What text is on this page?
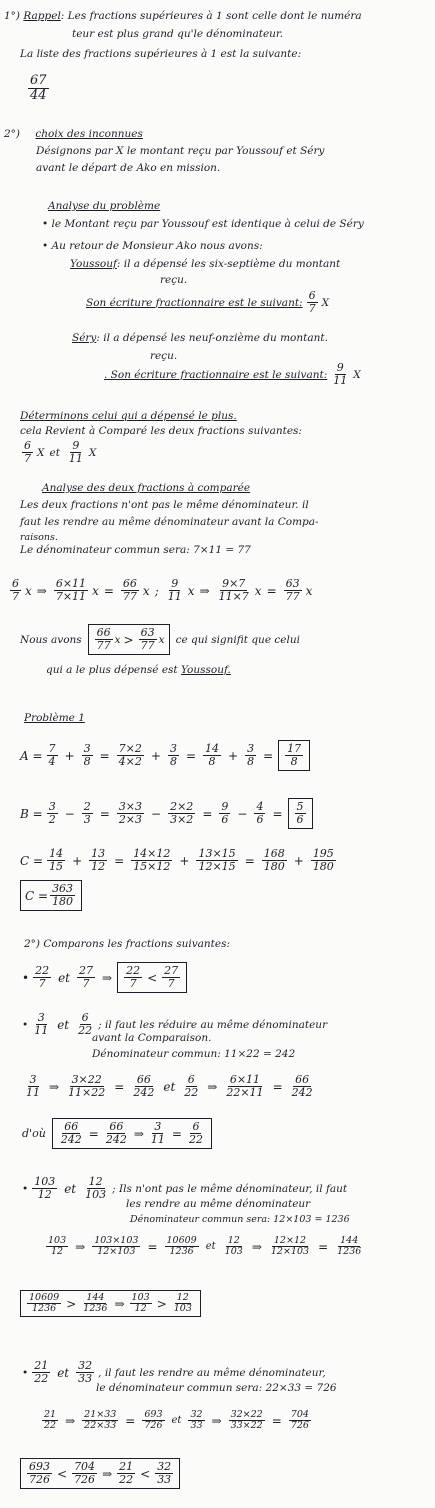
1°) Rappel: Les fractions supérieures à 1 sont celle dont le numéra
teur est plus grand qu'le dénominateur.
La liste des fractions supérieures à 1 est la suivante:
$\frac{67}{44}$
2°) choix des inconnues
Désignons par X le montant reçu par Youssouf et Séry
avant le départ de Ako en mission.
Analyse du problème
• le Montant reçu par Youssouf est identique à celui de Séry
• Au retour de Monsieur Ako nous avons:
Youssouf: il a dépensé les six-septième du montant
reçu.
Son écriture fractionnaire est le suivant: $\frac{6}{7}$ X
Séry: il a dépensé les neuf-onzième du montant.
reçu.
. Son écriture fractionnaire est le suivant: $\frac{9}{11}$ X
Déterminons celui qui a dépensé le plus.
cela Revient à Comparé les deux fractions suivantes:
$\frac{6}{7}$ X et $\frac{9}{11}$ X
Analyse des deux fractions à comparée
Les deux fractions n'ont pas le même dénominateur. il
faut les rendre au même dénominateur avant la Compa-
raisons.
Le dénominateur commun sera: 7×11 = 77
$\frac{6}{7}$ x ⇒ $\frac{6\times 11}{7\times 11}$ $x = \frac{66}{77}$ x ; $\frac{9}{11}$ x ⇒ $\frac{9\times 7}{11\times 7}$ $x = \frac{63}{77}$ x
Nous avons $\frac{66}{77}$ $x > \frac{63}{77}$ x	ce qui signifit que celui
qui a le plus dépensé est Youssouf.
Problème 1
$A = \frac{7}{4} + \frac{3}{8} = \frac{7\times 2}{4\times 2} + \frac{3}{8} = \frac{14}{8} + \frac{3}{8} = \frac{17}{8}$
$B = \frac{3}{2} - \frac{2}{3} = \frac{3\times 3}{2\times 3} - \frac{2\times 2}{3\times 2} = \frac{9}{6} - \frac{4}{6} = \frac{5}{6}$
$C = \frac{14}{15} + \frac{13}{12} = \frac{14\times 12}{15\times 12} + \frac{13\times 15}{12\times 15} = \frac{168}{180} + \frac{195}{180}$
$C = \frac{363}{180}$
2°) Comparons les fractions suivantes:
• $\frac{22}{7}$ et $\frac{27}{7}$ ⇒ $\frac{22}{7} < \frac{27}{7}$
• $\frac{3}{11}$ et $\frac{6}{22}$ ; il faut les réduire au même dénominateur
avant la Comparaison.
Dénominateur commun: 11×22 = 242
$\frac{3}{11}$ ⇒ $\frac{3\times 22}{11\times 22} = \frac{66}{242}$ et $\frac{6}{22}$ ⇒ $\frac{6\times 11}{22\times 11} = \frac{66}{242}$
d'où $\frac{66}{242} = \frac{66}{242}$ ⇒ $\frac{3}{11} = \frac{6}{22}$
• $\frac{103}{12}$ et $\frac{12}{103}$ ; Ils n'ont pas le même dénominateur, il faut
les rendre au même dénominateur
Dénominateur commun sera: 12×103 = 1236
$\frac{103}{12}$ ⇒ $\frac{103\times 103}{12\times 103} = \frac{10609}{1236}$ et $\frac{12}{103}$ ⇒ $\frac{12\times 12}{12\times 103} = \frac{144}{1236}$
$\frac{10609}{1236} > \frac{144}{1236}$ ⇒ $\frac{103}{12} > \frac{12}{103}$
• $\frac{21}{22}$ et $\frac{32}{33}$ , il faut les rendre au même dénominateur,
le dénominateur commun sera: 22×33 = 726
$\frac{21}{22}$ ⇒ $\frac{21\times 33}{22\times 33} = \frac{693}{726}$ et $\frac{32}{33}$ ⇒ $\frac{32\times 22}{33\times 22} = \frac{704}{726}$
$\frac{693}{726} < \frac{704}{726}$ ⇒ $\frac{21}{22} < \frac{32}{33}$
